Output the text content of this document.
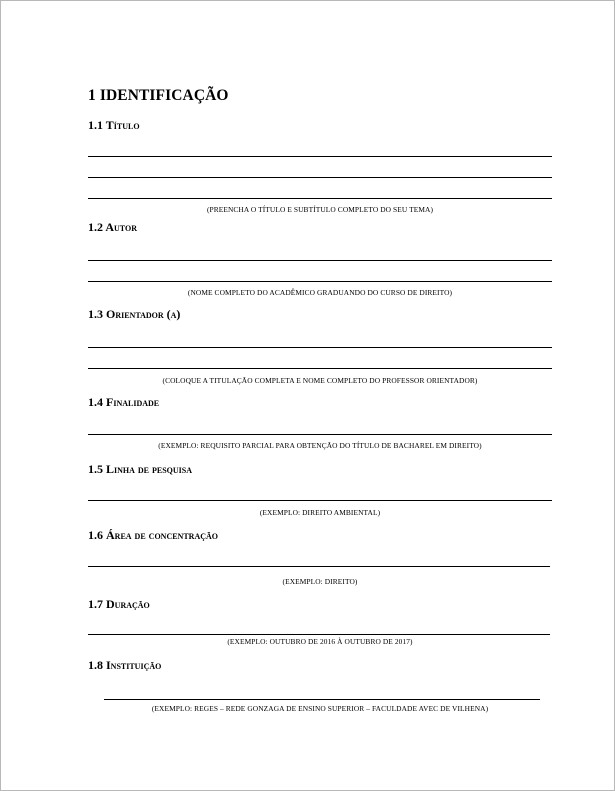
1 IDENTIFICAÇÃO
1.1 Título
(PREENCHA O TÍTULO E SUBTÍTULO COMPLETO DO SEU TEMA)
1.2 Autor
(NOME COMPLETO DO ACADÊMICO GRADUANDO DO CURSO DE DIREITO)
1.3 Orientador (a)
(COLOQUE A TITULAÇÃO COMPLETA E NOME COMPLETO DO PROFESSOR ORIENTADOR)
1.4 Finalidade
(EXEMPLO: REQUISITO PARCIAL PARA OBTENÇÃO DO TÍTULO DE BACHAREL EM DIREITO)
1.5 Linha de pesquisa
(EXEMPLO: DIREITO AMBIENTAL)
1.6 Área de concentração
(EXEMPLO: DIREITO)
1.7 Duração
(EXEMPLO: OUTUBRO DE 2016 À OUTUBRO DE 2017)
1.8 Instituição
(EXEMPLO: REGES – REDE GONZAGA DE ENSINO SUPERIOR – FACULDADE AVEC DE VILHENA)
